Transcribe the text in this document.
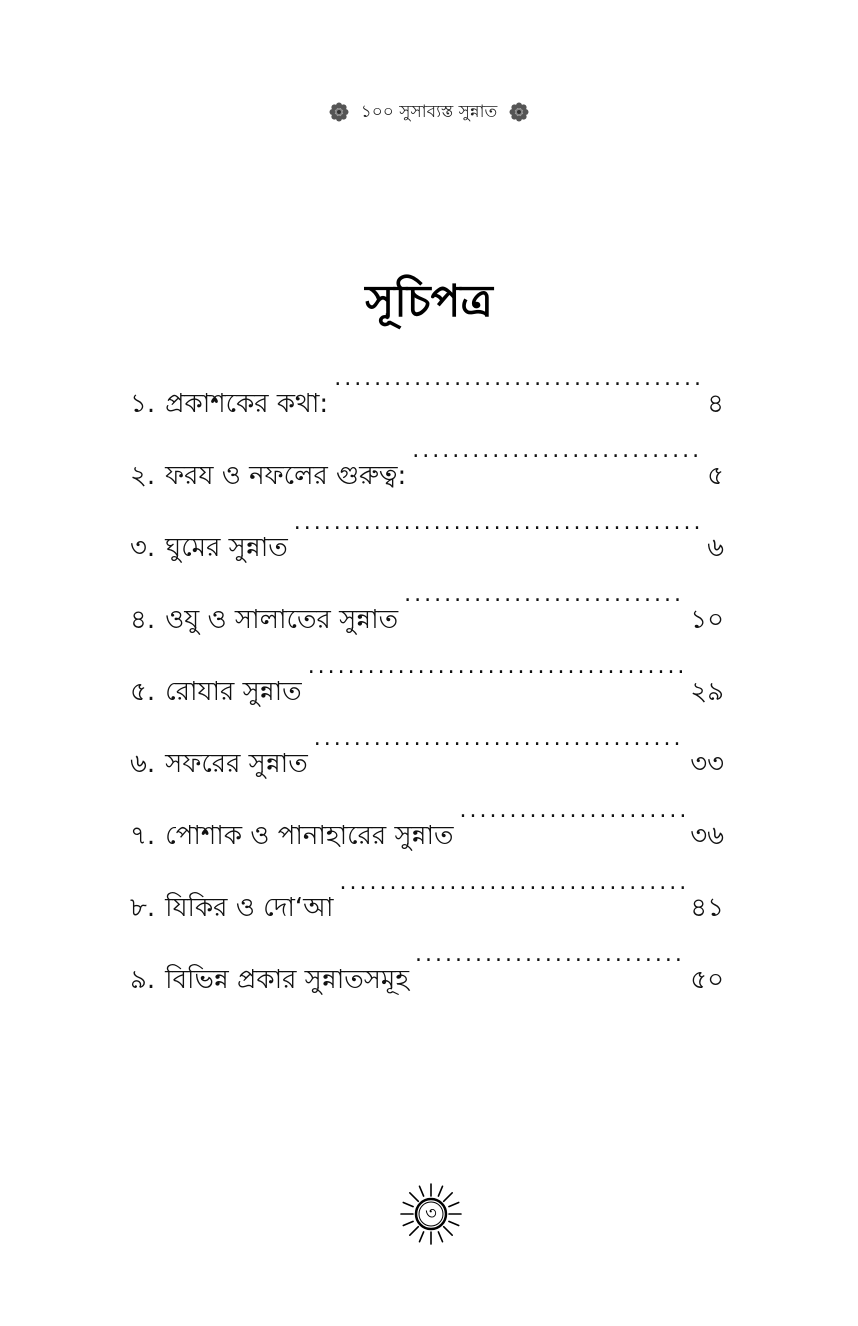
১০০ সুসাব্যস্ত সুন্নাত
সূচিপত্র
১. প্রকাশকের কথা: .....	৪
২. ফরয ও নফলের গুরুত্ব: .....	৫
৩. ঘুমের সুন্নাত .....	৬
৪. ওযু ও সালাতের সুন্নাত .....	১০
৫. রোযার সুন্নাত .....	২৯
৬. সফরের সুন্নাত .....	৩৩
৭. পোশাক ও পানাহারের সুন্নাত .....	৩৬
৮. যিকির ও দো‘আ .....	৪১
৯. বিভিন্ন প্রকার সুন্নাতসমূহ .....	৫০
৩
